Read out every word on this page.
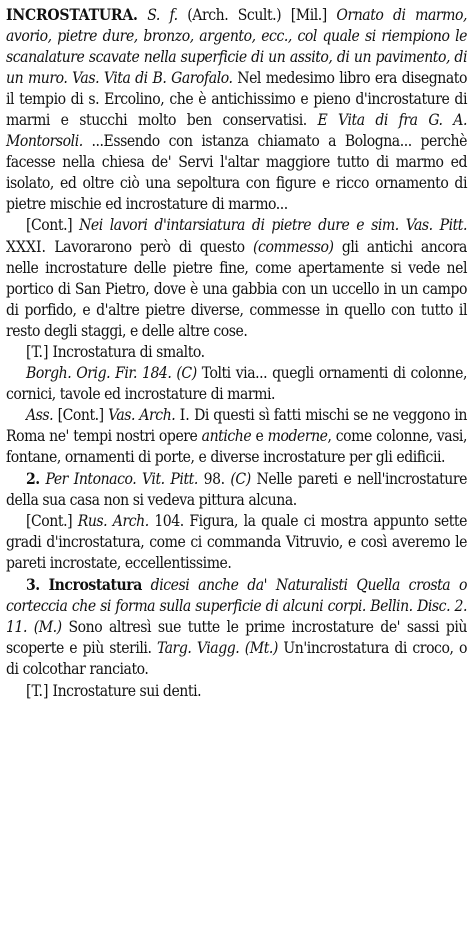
INCROSTATURA. S. f. (Arch. Scult.) [Mil.] Ornato di marmo, avorio, pietre dure, bronzo, argento, ecc., col quale si riempiono le scanalature scavate nella superficie di un assito, di un pavimento, di un muro. Vas. Vita di B. Garofalo. Nel medesimo libro era disegnato il tempio di s. Ercolino, che è antichissimo e pieno d'incrostature di marmi e stucchi molto ben conservatisi. E Vita di fra G. A. Montorsoli. ...Essendo con istanza chiamato a Bologna... perchè facesse nella chiesa de' Servi l'altar maggiore tutto di marmo ed isolato, ed oltre ciò una sepoltura con figure e ricco ornamento di pietre mischie ed incrostature di marmo...

[Cont.] Nei lavori d'intarsiatura di pietre dure e sim. Vas. Pitt. XXXI. Lavorarono però di questo (commesso) gli antichi ancora nelle incrostature delle pietre fine, come apertamente si vede nel portico di San Pietro, dove è una gabbia con un uccello in un campo di porfido, e d'altre pietre diverse, commesse in quello con tutto il resto degli staggi, e delle altre cose.

[T.] Incrostatura di smalto.

Borgh. Orig. Fir. 184. (C) Tolti via... quegli ornamenti di colonne, cornici, tavole ed incrostature di marmi.

Ass. [Cont.] Vas. Arch. I. Di questi sì fatti mischi se ne veggono in Roma ne' tempi nostri opere antiche e moderne, come colonne, vasi, fontane, ornamenti di porte, e diverse incrostature per gli edificii.

2. Per Intonaco. Vit. Pitt. 98. (C) Nelle pareti e nell'incrostature della sua casa non si vedeva pittura alcuna.

[Cont.] Rus. Arch. 104. Figura, la quale ci mostra appunto sette gradi d'incrostatura, come ci commanda Vitruvio, e così averemo le pareti incrostate, eccellentissime.

3. Incrostatura dicesi anche da' Naturalisti Quella crosta o corteccia che si forma sulla superficie di alcuni corpi. Bellin. Disc. 2. 11. (M.) Sono altresì sue tutte le prime incrostature de' sassi più scoperte e più sterili. Targ. Viagg. (Mt.) Un'incrostatura di croco, o di colcothar ranciato.

[T.] Incrostature sui denti.
